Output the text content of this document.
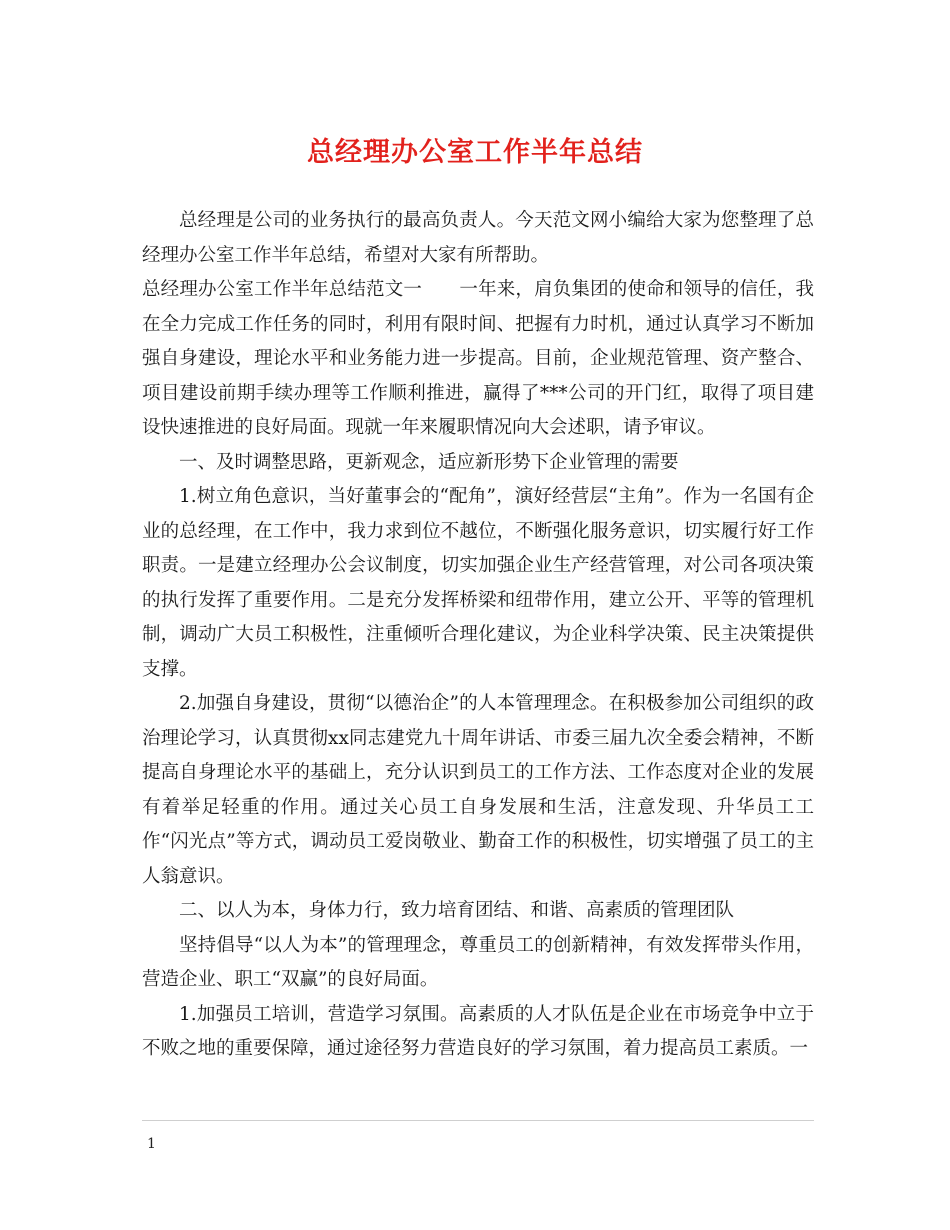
总经理办公室工作半年总结

总经理是公司的业务执行的最高负责人。今天范文网小编给大家为您整理了总经理办公室工作半年总结，希望对大家有所帮助。

总经理办公室工作半年总结范文一　　一年来，肩负集团的使命和领导的信任，我在全力完成工作任务的同时，利用有限时间、把握有力时机，通过认真学习不断加强自身建设，理论水平和业务能力进一步提高。目前，企业规范管理、资产整合、项目建设前期手续办理等工作顺利推进，赢得了***公司的开门红，取得了项目建设快速推进的良好局面。现就一年来履职情况向大会述职，请予审议。

一、及时调整思路，更新观念，适应新形势下企业管理的需要

1.树立角色意识，当好董事会的“配角”，演好经营层“主角”。作为一名国有企业的总经理，在工作中，我力求到位不越位，不断强化服务意识，切实履行好工作职责。一是建立经理办公会议制度，切实加强企业生产经营管理，对公司各项决策的执行发挥了重要作用。二是充分发挥桥梁和纽带作用，建立公开、平等的管理机制，调动广大员工积极性，注重倾听合理化建议，为企业科学决策、民主决策提供支撑。

2.加强自身建设，贯彻“以德治企”的人本管理理念。在积极参加公司组织的政治理论学习，认真贯彻xx同志建党九十周年讲话、市委三届九次全委会精神，不断提高自身理论水平的基础上，充分认识到员工的工作方法、工作态度对企业的发展有着举足轻重的作用。通过关心员工自身发展和生活，注意发现、升华员工工作“闪光点”等方式，调动员工爱岗敬业、勤奋工作的积极性，切实增强了员工的主人翁意识。

二、以人为本，身体力行，致力培育团结、和谐、高素质的管理团队

坚持倡导“以人为本”的管理理念，尊重员工的创新精神，有效发挥带头作用，营造企业、职工“双赢”的良好局面。

1.加强员工培训，营造学习氛围。高素质的人才队伍是企业在市场竞争中立于不败之地的重要保障，通过途径努力营造良好的学习氛围，着力提高员工素质。一

1
